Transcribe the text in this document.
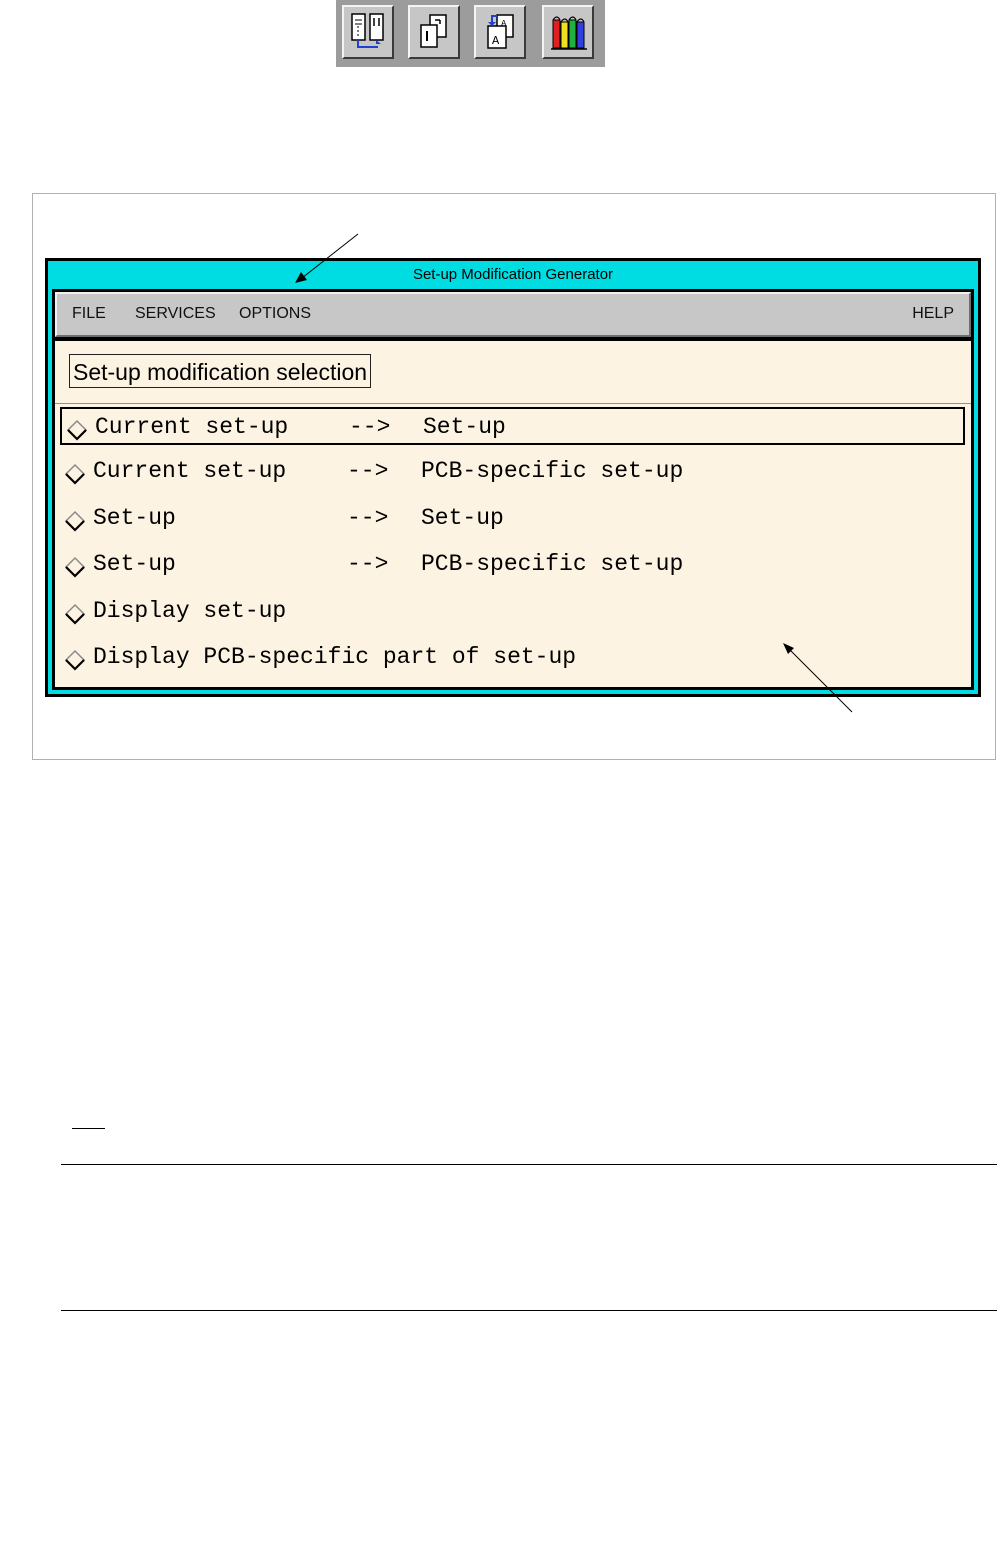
A
A
Set-up Modification Generator
FILE SERVICES OPTIONS	HELP
Set-up modification selection
Current set-up	--> Set-up
Current set-up	--> PCB-specific set-up
Set-up	--> Set-up
Set-up	--> PCB-specific set-up
Display set-up
Display PCB-specific part of set-up
